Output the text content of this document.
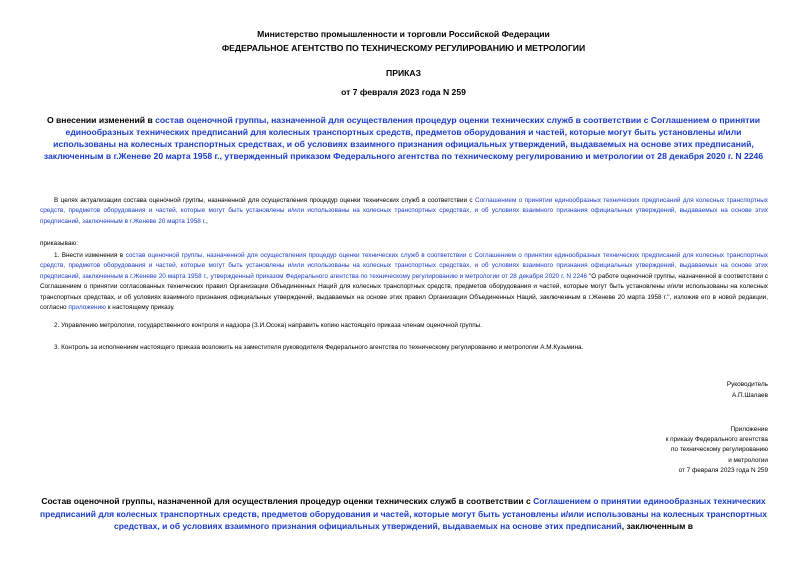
Министерство промышленности и торговли Российской Федерации
ФЕДЕРАЛЬНОЕ АГЕНТСТВО ПО ТЕХНИЧЕСКОМУ РЕГУЛИРОВАНИЮ И МЕТРОЛОГИИ
ПРИКАЗ
от 7 февраля 2023 года N 259
О внесении изменений в состав оценочной группы, назначенной для осуществления процедур оценки технических служб в соответствии с Соглашением о принятии единообразных технических предписаний для колесных транспортных средств, предметов оборудования и частей, которые могут быть установлены и/или использованы на колесных транспортных средствах, и об условиях взаимного признания официальных утверждений, выдаваемых на основе этих предписаний, заключенным в г.Женеве 20 марта 1958 г., утвержденный приказом Федерального агентства по техническому регулированию и метрологии от 28 декабря 2020 г. N 2246
В целях актуализации состава оценочной группы, назначенной для осуществления процедур оценки технических служб в соответствии с Соглашением о принятии единообразных технических предписаний для колесных транспортных средств, предметов оборудования и частей, которые могут быть установлены и/или использованы на колесных транспортных средствах, и об условиях взаимного признания официальных утверждений, выдаваемых на основе этих предписаний, заключенным в г.Женеве 20 марта 1958 г.,
приказываю:
1. Внести изменения в состав оценочной группы, назначенной для осуществления процедур оценки технических служб в соответствии с Соглашением о принятии единообразных технических предписаний для колесных транспортных средств, предметов оборудования и частей, которые могут быть установлены и/или использованы на колесных транспортных средствах, и об условиях взаимного признания официальных утверждений, выдаваемых на основе этих предписаний, заключенным в г.Женеве 20 марта 1958 г., утвержденный приказом Федерального агентства по техническому регулированию и метрологии от 28 декабря 2020 г. N 2246 "О работе оценочной группы, назначенной в соответствии с Соглашением о принятии согласованных технических правил Организации Объединенных Наций для колесных транспортных средств, предметов оборудования и частей, которые могут быть установлены и/или использованы на колесных транспортных средствах, и об условиях взаимного признания официальных утверждений, выдаваемых на основе этих правил Организации Объединенных Наций, заключенным в г.Женеве 20 марта 1958 г.", изложив его в новой редакции, согласно приложению к настоящему приказу.
2. Управлению метрологии, государственного контроля и надзора (З.И.Осока) направить копию настоящего приказа членам оценочной группы.
3. Контроль за исполнением настоящего приказа возложить на заместителя руководителя Федерального агентства по техническому регулированию и метрологии А.М.Кузьмина.
Руководитель
А.П.Шалаев
Приложение
к приказу Федерального агентства
по техническому регулированию
и метрологии
от 7 февраля 2023 года N 259
Состав оценочной группы, назначенной для осуществления процедур оценки технических служб в соответствии с Соглашением о принятии единообразных технических предписаний для колесных транспортных средств, предметов оборудования и частей, которые могут быть установлены и/или использованы на колесных транспортных средствах, и об условиях взаимного признания официальных утверждений, выдаваемых на основе этих предписаний, заключенным в
